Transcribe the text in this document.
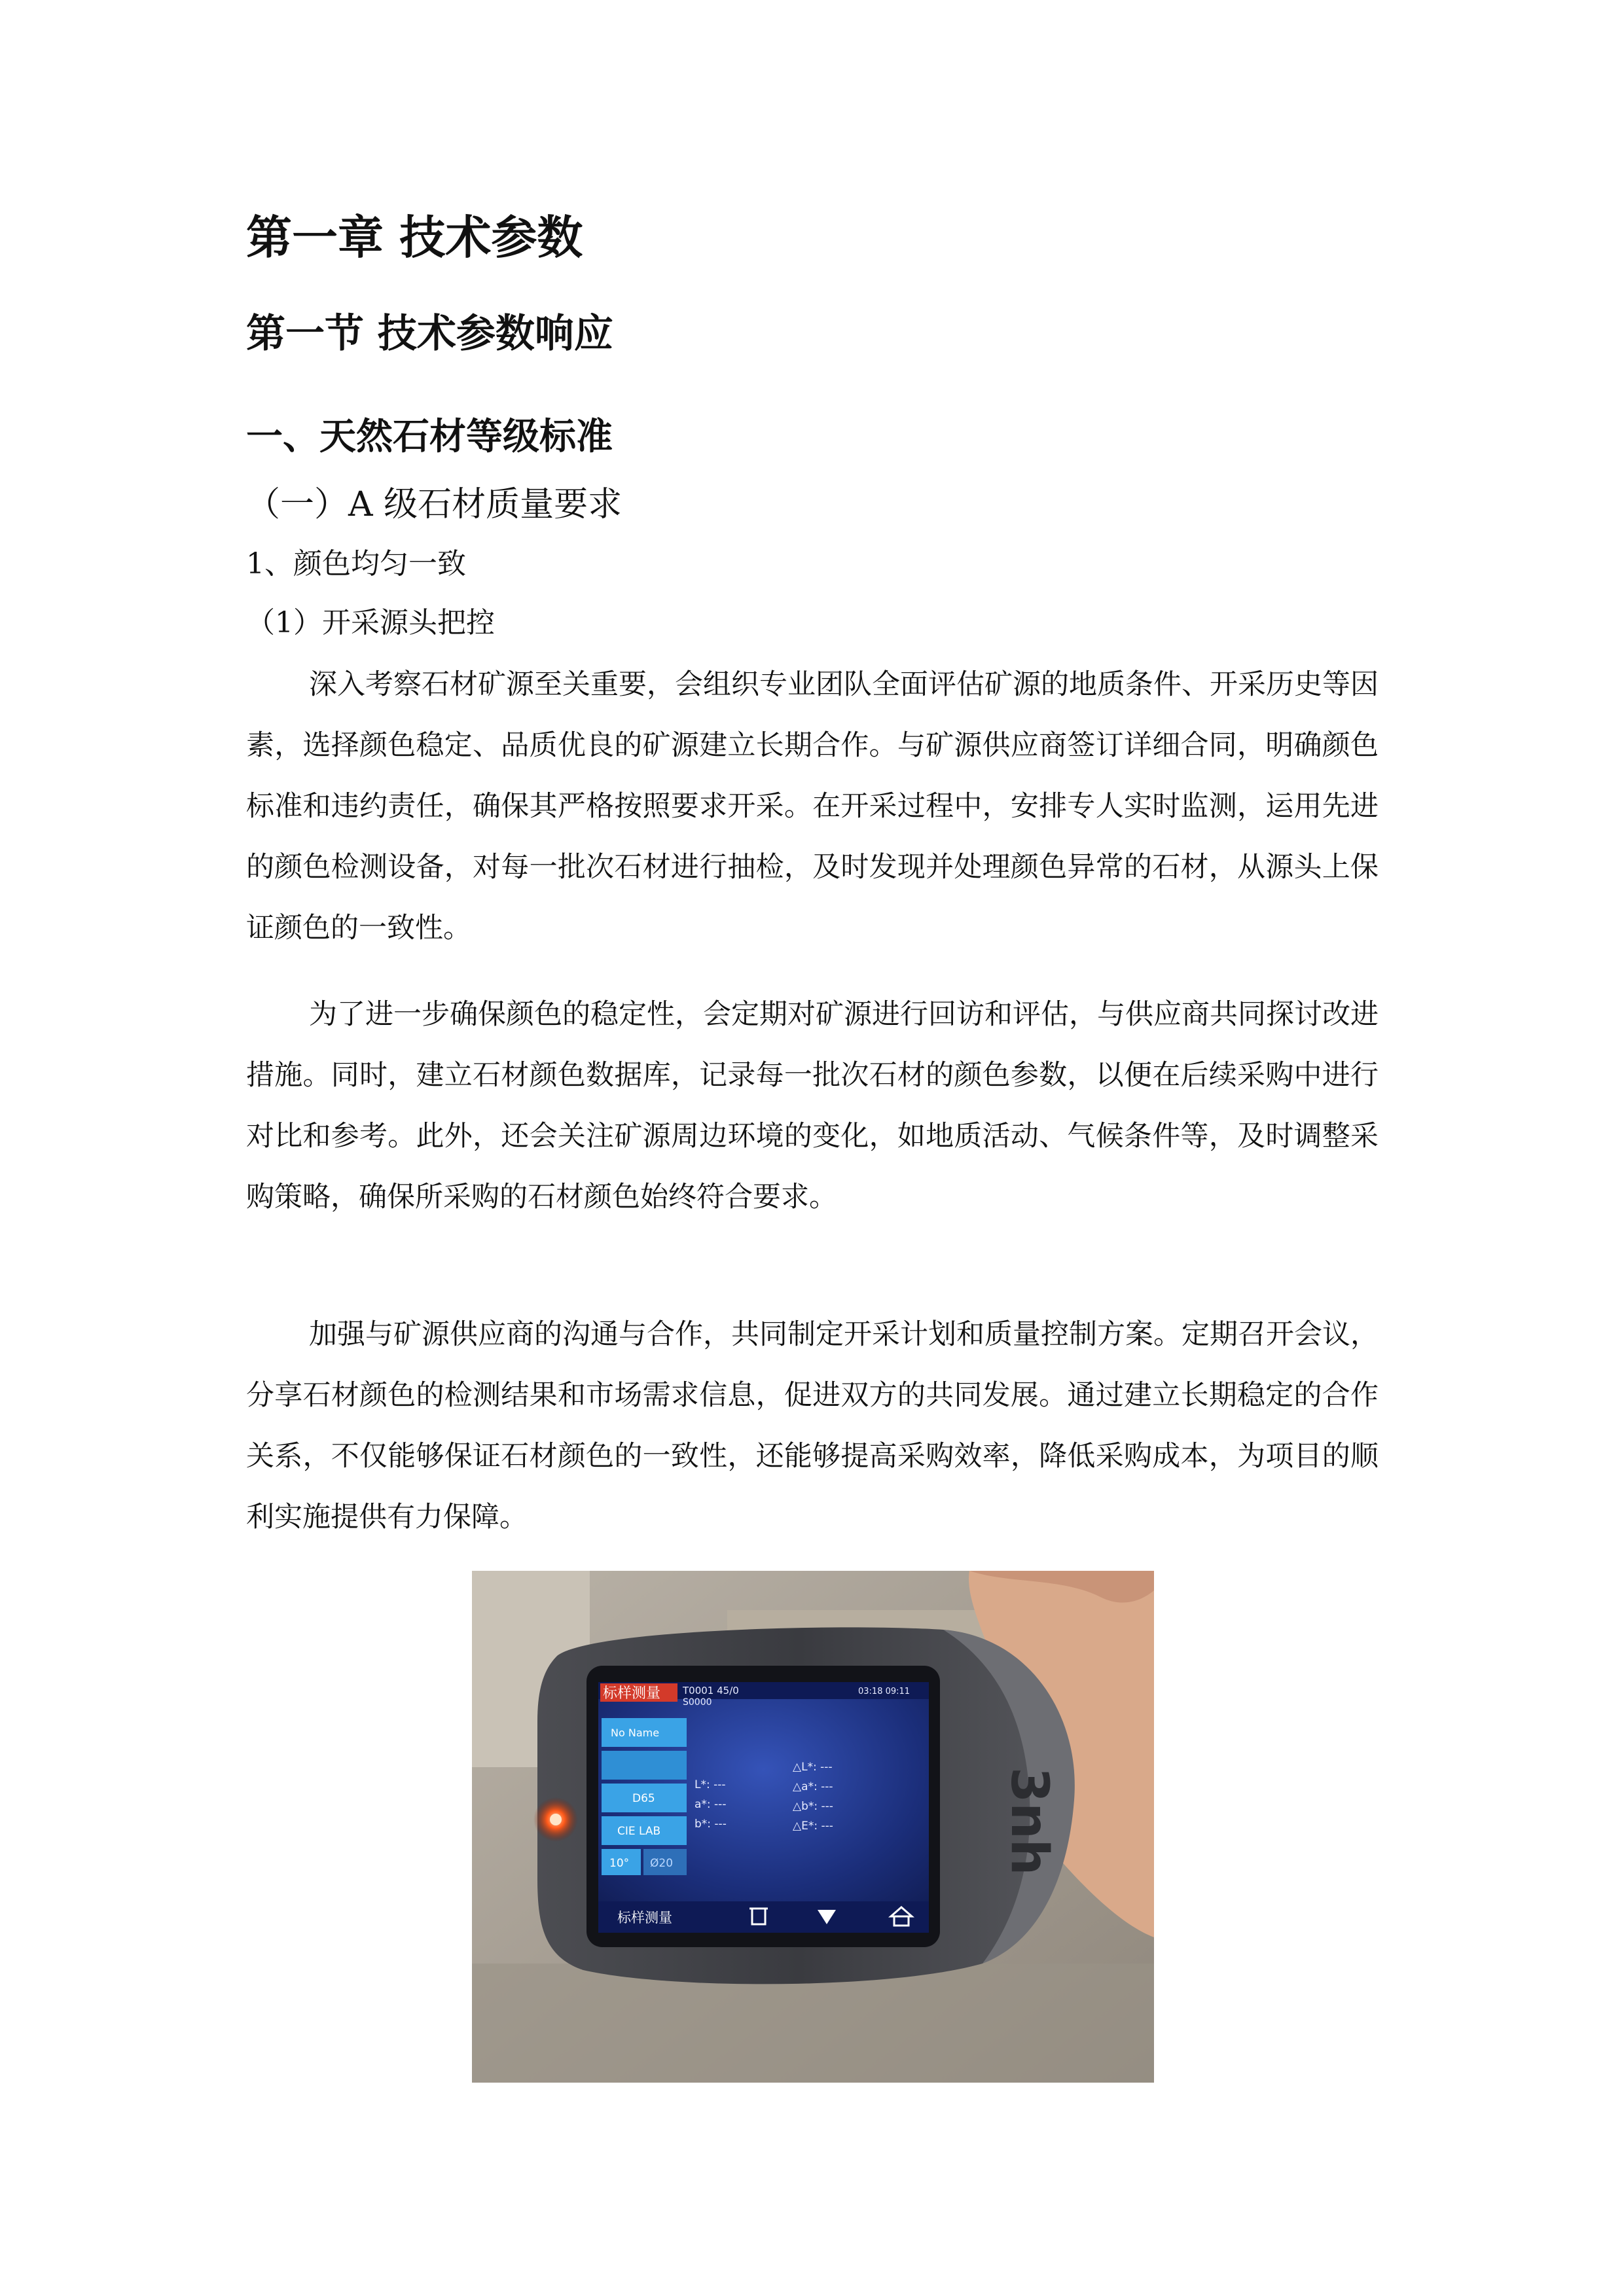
第一章 技术参数
第一节 技术参数响应
一、天然石材等级标准
（一）A 级石材质量要求
1、颜色均匀一致
（1）开采源头把控

深入考察石材矿源至关重要，会组织专业团队全面评估矿源的地质条件、开采历史等因素，选择颜色稳定、品质优良的矿源建立长期合作。与矿源供应商签订详细合同，明确颜色标准和违约责任，确保其严格按照要求开采。在开采过程中，安排专人实时监测，运用先进的颜色检测设备，对每一批次石材进行抽检，及时发现并处理颜色异常的石材，从源头上保证颜色的一致性。

为了进一步确保颜色的稳定性，会定期对矿源进行回访和评估，与供应商共同探讨改进措施。同时，建立石材颜色数据库，记录每一批次石材的颜色参数，以便在后续采购中进行对比和参考。此外，还会关注矿源周边环境的变化，如地质活动、气候条件等，及时调整采购策略，确保所采购的石材颜色始终符合要求。

加强与矿源供应商的沟通与合作，共同制定开采计划和质量控制方案。定期召开会议，分享石材颜色的检测结果和市场需求信息，促进双方的共同发展。通过建立长期稳定的合作关系，不仅能够保证石材颜色的一致性，还能够提高采购效率，降低采购成本，为项目的顺利实施提供有力保障。

3nh
标样测量 T0001 45/0
S0000
03:18 09:11
No Name
D65
CIE LAB
10° Ø20
L*: ---
a*: ---
b*: ---
△L*: ---
△a*: ---
△b*: ---
△E*: ---
标样测量
